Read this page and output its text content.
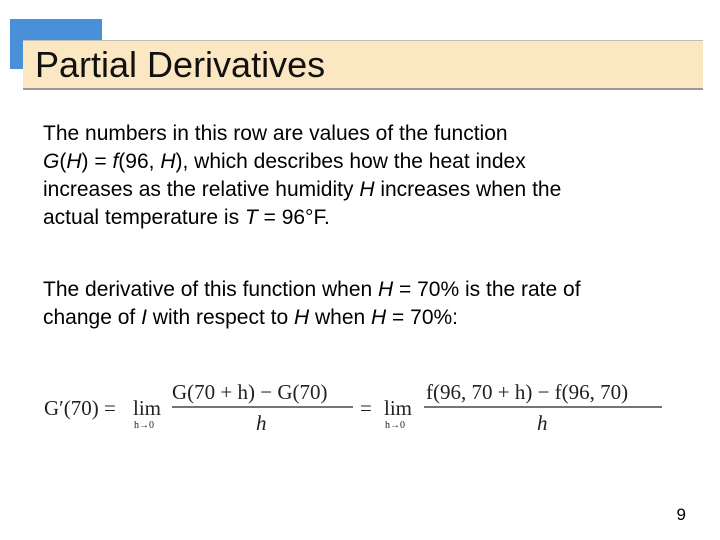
Partial Derivatives
The numbers in this row are values of the function
G(H) = f(96, H), which describes how the heat index
increases as the relative humidity H increases when the
actual temperature is T = 96°F.
The derivative of this function when H = 70% is the rate of
change of I with respect to H when H = 70%:
G′(70) = lim
h→0
G(70 + h) − G(70)
h
= lim
h→0
f(96, 70 + h) − f(96, 70)
h
9
